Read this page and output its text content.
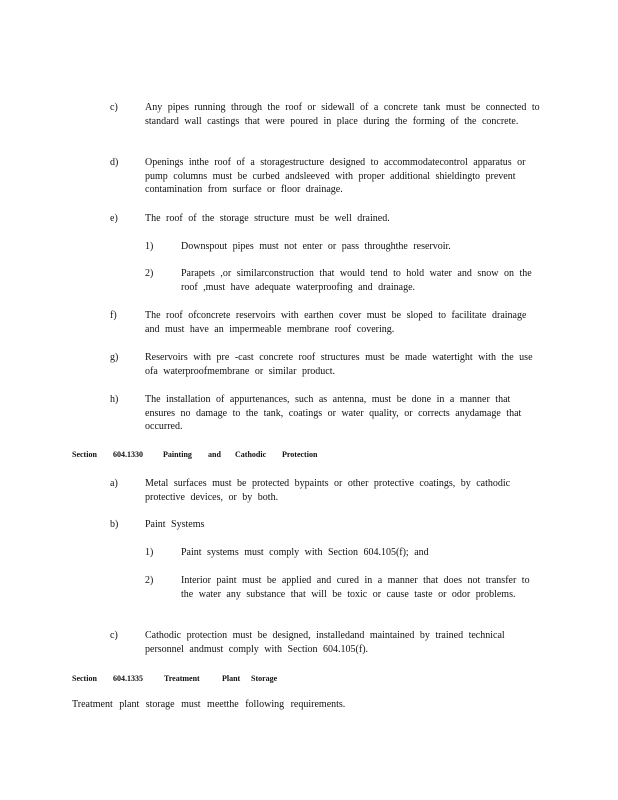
c)	Any pipes running through the roof or sidewall of a concrete tank must be connected to standard wall castings that were poured in place during the forming of the concrete.
d)	Openings inthe roof of a storagestructure designed to accommodatecontrol apparatus or pump columns must be curbed andsleeved with proper additional shieldingto prevent contamination from surface or floor drainage.
e)	The roof of the storage structure must be well drained.
1)	Downspout pipes must not enter or pass throughthe reservoir.
2)	Parapets ,or similarconstruction that would tend to hold water and snow on the roof ,must have adequate waterproofing and drainage.
f)	The roof ofconcrete reservoirs with earthen cover must be sloped to facilitate drainage and must have an impermeable membrane roof covering.
g)	Reservoirs with pre -cast concrete roof structures must be made watertight with the use ofa waterproofmembrane or similar product.
h)	The installation of appurtenances, such as antenna, must be done in a manner that ensures no damage to the tank, coatings or water quality, or corrects anydamage that occurred.
Section 604.1330	Painting and Cathodic Protection
a)	Metal surfaces must be protected bypaints or other protective coatings, by cathodic protective devices, or by both.
b)	Paint Systems
1)	Paint systems must comply with Section 604.105(f); and
2)	Interior paint must be applied and cured in a manner that does not transfer to the water any substance that will be toxic or cause taste or odor problems.
c)	Cathodic protection must be designed, installedand maintained by trained technical personnel andmust comply with Section 604.105(f).
Section 604.1335	Treatment	Plant Storage
Treatment plant storage must meetthe following requirements.
